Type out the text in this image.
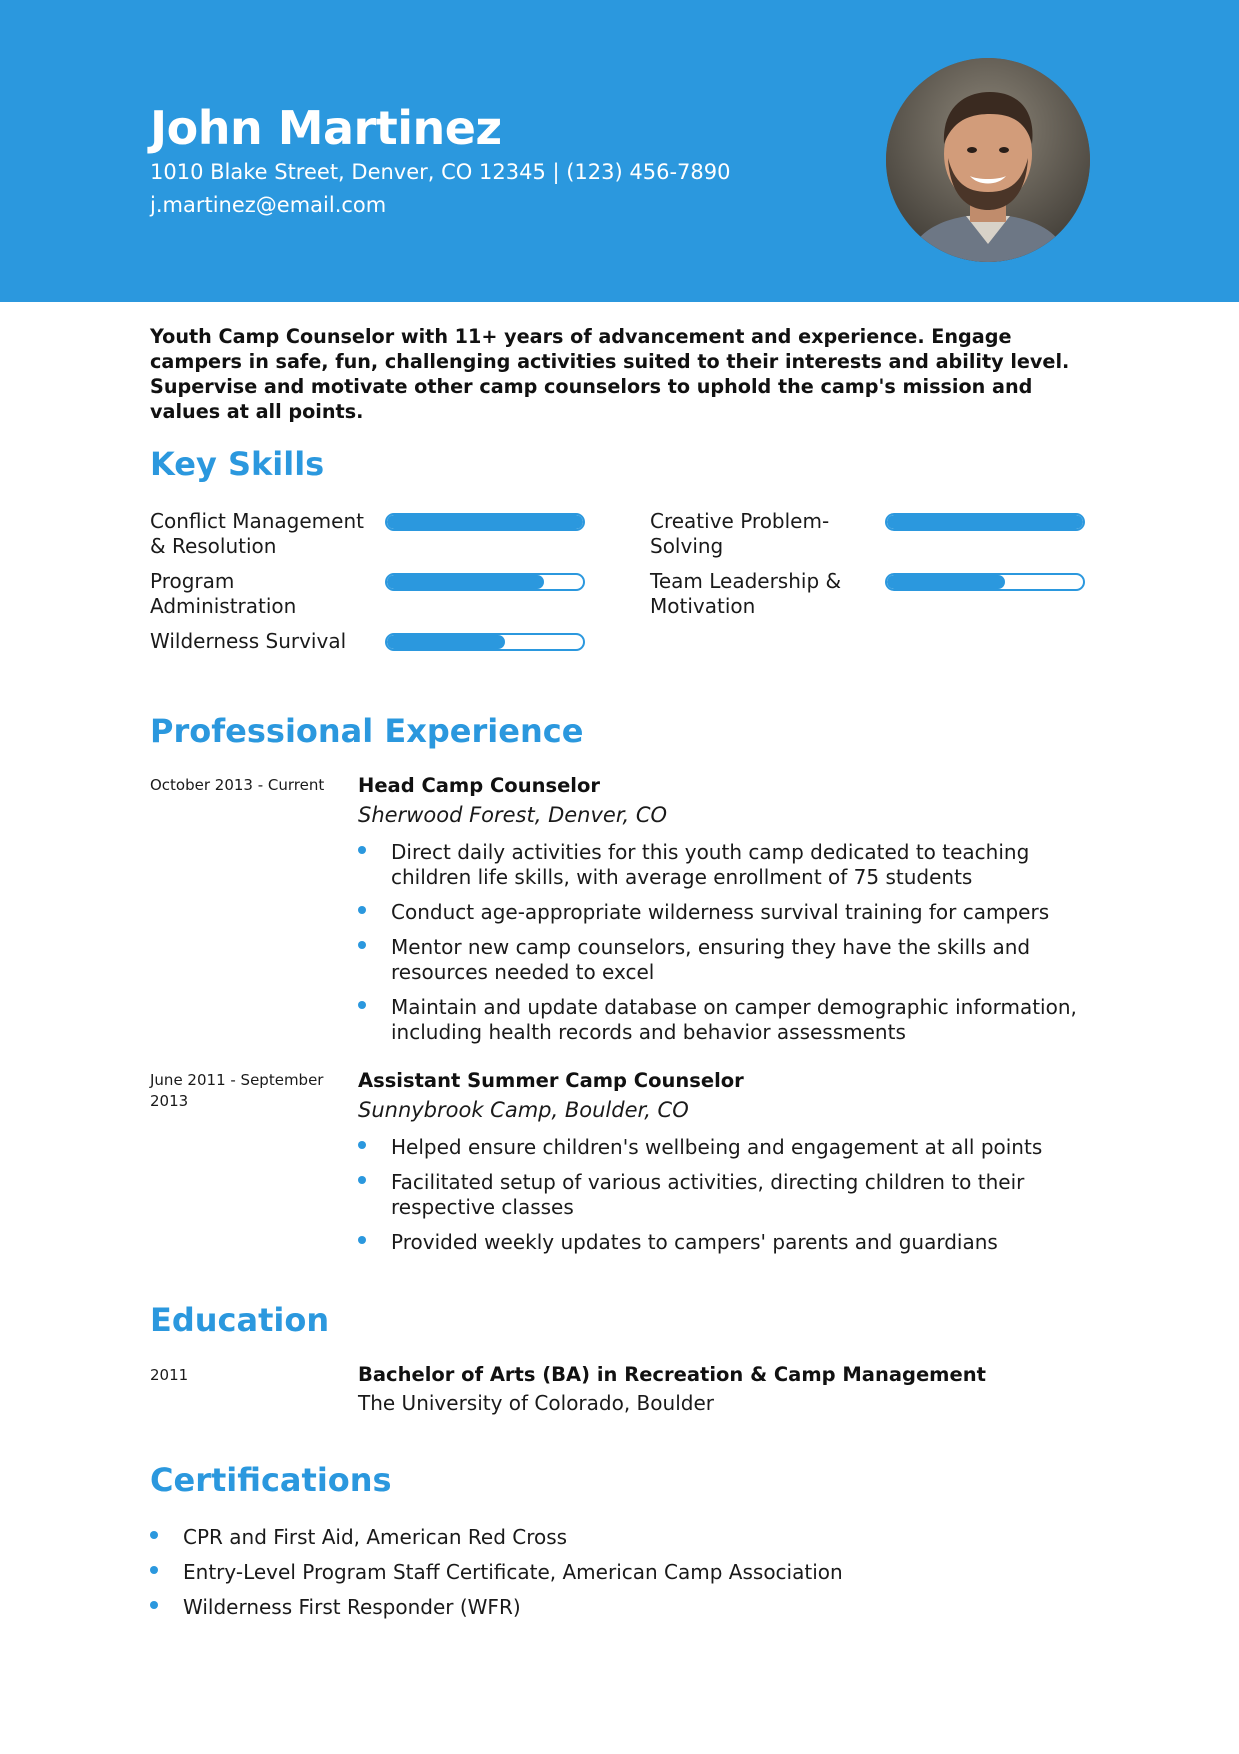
John Martinez
1010 Blake Street, Denver, CO 12345 | (123) 456-7890
j.martinez@email.com

Youth Camp Counselor with 11+ years of advancement and experience. Engage campers in safe, fun, challenging activities suited to their interests and ability level. Supervise and motivate other camp counselors to uphold the camp's mission and values at all points.

Key Skills
Conflict Management & Resolution
Creative Problem-Solving
Program Administration
Team Leadership & Motivation
Wilderness Survival
Professional Experience
October 2013 - Current	Head Camp Counselor
Sherwood Forest, Denver, CO
Direct daily activities for this youth camp dedicated to teaching children life skills, with average enrollment of 75 students
Conduct age-appropriate wilderness survival training for campers
Mentor new camp counselors, ensuring they have the skills and resources needed to excel
Maintain and update database on camper demographic information, including health records and behavior assessments
June 2011 - September 2013
Assistant Summer Camp Counselor
Sunnybrook Camp, Boulder, CO
Helped ensure children's wellbeing and engagement at all points
Facilitated setup of various activities, directing children to their respective classes
Provided weekly updates to campers' parents and guardians
Education
2011	Bachelor of Arts (BA) in Recreation & Camp Management
The University of Colorado, Boulder
Certifications
CPR and First Aid, American Red Cross
Entry-Level Program Staff Certificate, American Camp Association
Wilderness First Responder (WFR)
